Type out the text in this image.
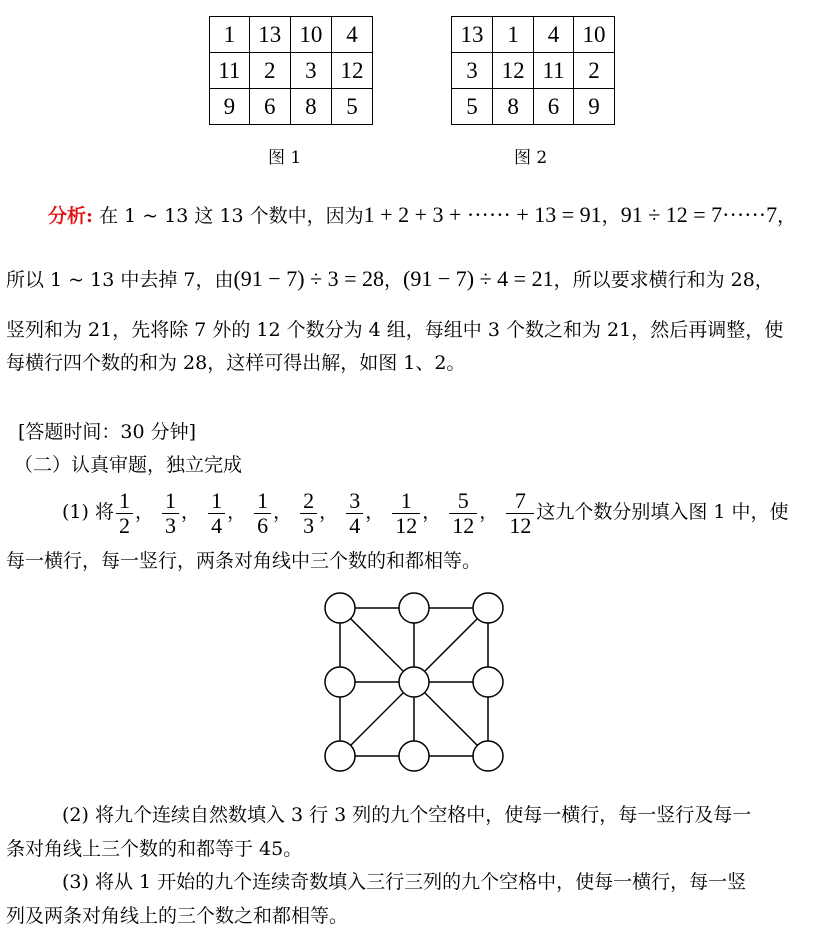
1	13	10	4
11	2	3	12
9	6	8	5
图 1
13	1	4	10
3	12	11	2
5	8	6	9
图 2
分析: 在 1 ~ 13 这 13 个数中，因为1 + 2 + 3 + ······ + 13 = 91，91 ÷ 12 = 7······7，
所以 1 ~ 13 中去掉 7，由(91 − 7) ÷ 3 = 28，(91 − 7) ÷ 4 = 21，所以要求横行和为 28，
竖列和为 21，先将除 7 外的 12 个数分为 4 组，每组中 3 个数之和为 21，然后再调整，使
每横行四个数的和为 28，这样可得出解，如图 1、2。
[答题时间：30 分钟]
（二）认真审题，独立完成
(1) 将 $\frac{1}{2}$ ， $\frac{1}{3}$ ， $\frac{1}{4}$ ， $\frac{1}{6}$ ， $\frac{2}{3}$ ， $\frac{3}{4}$ ， $\frac{1}{12}$ ， $\frac{5}{12}$ ， $\frac{7}{12}$ 这九个数分别填入图 1 中，使
每一横行，每一竖行，两条对角线中三个数的和都相等。
(2) 将九个连续自然数填入 3 行 3 列的九个空格中，使每一横行，每一竖行及每一
条对角线上三个数的和都等于 45。
(3) 将从 1 开始的九个连续奇数填入三行三列的九个空格中，使每一横行，每一竖
列及两条对角线上的三个数之和都相等。
